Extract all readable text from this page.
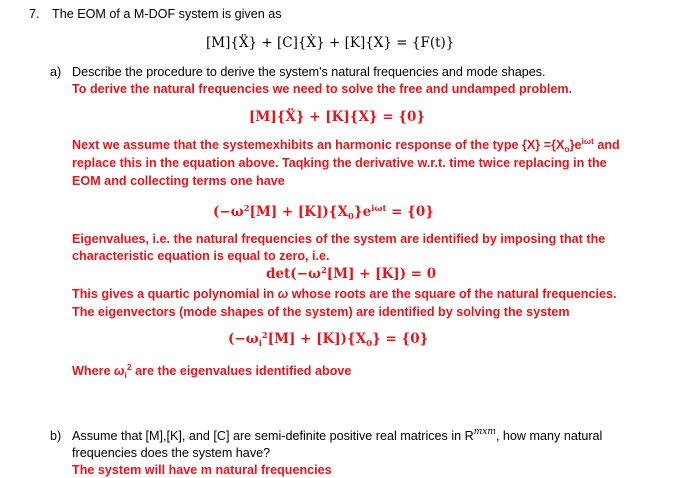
7. The EOM of a M-DOF system is given as
[M]{Ẍ} + [C]{Ẋ} + [K]{X} = {F(t)}
a) Describe the procedure to derive the system's natural frequencies and mode shapes.
To derive the natural frequencies we need to solve the free and undamped problem.
[M]{Ẍ} + [K]{X} = {0}
Next we assume that the systemexhibits an harmonic response of the type $\{X\} =\{X_o\}e^{i\omega t}$ and
replace this in the equation above. Taqking the derivative w.r.t. time twice replacing in the
EOM and collecting terms one have
$(-\omega^2[M] + [K])\{X_0\}e^{i\omega t} = \{0\}$
Eigenvalues, i.e. the natural frequencies of the system are identified by imposing that the
characteristic equation is equal to zero, i.e.
$\det(-\omega^2[M] + [K]) = 0$
This gives a quartic polynomial in ω whose roots are the square of the natural frequencies.
The eigenvectors (mode shapes of the system) are identified by solving the system
$(-\omega_i^2[M] + [K])\{X_0\} = \{0\}$
Where $\omega_i^2$ are the eigenvalues identified above
b) Assume that [M],[K], and [C] are semi-definite positive real matrices in $R^{mxm}$, how many natural
frequencies does the system have?
The system will have m natural frequencies
